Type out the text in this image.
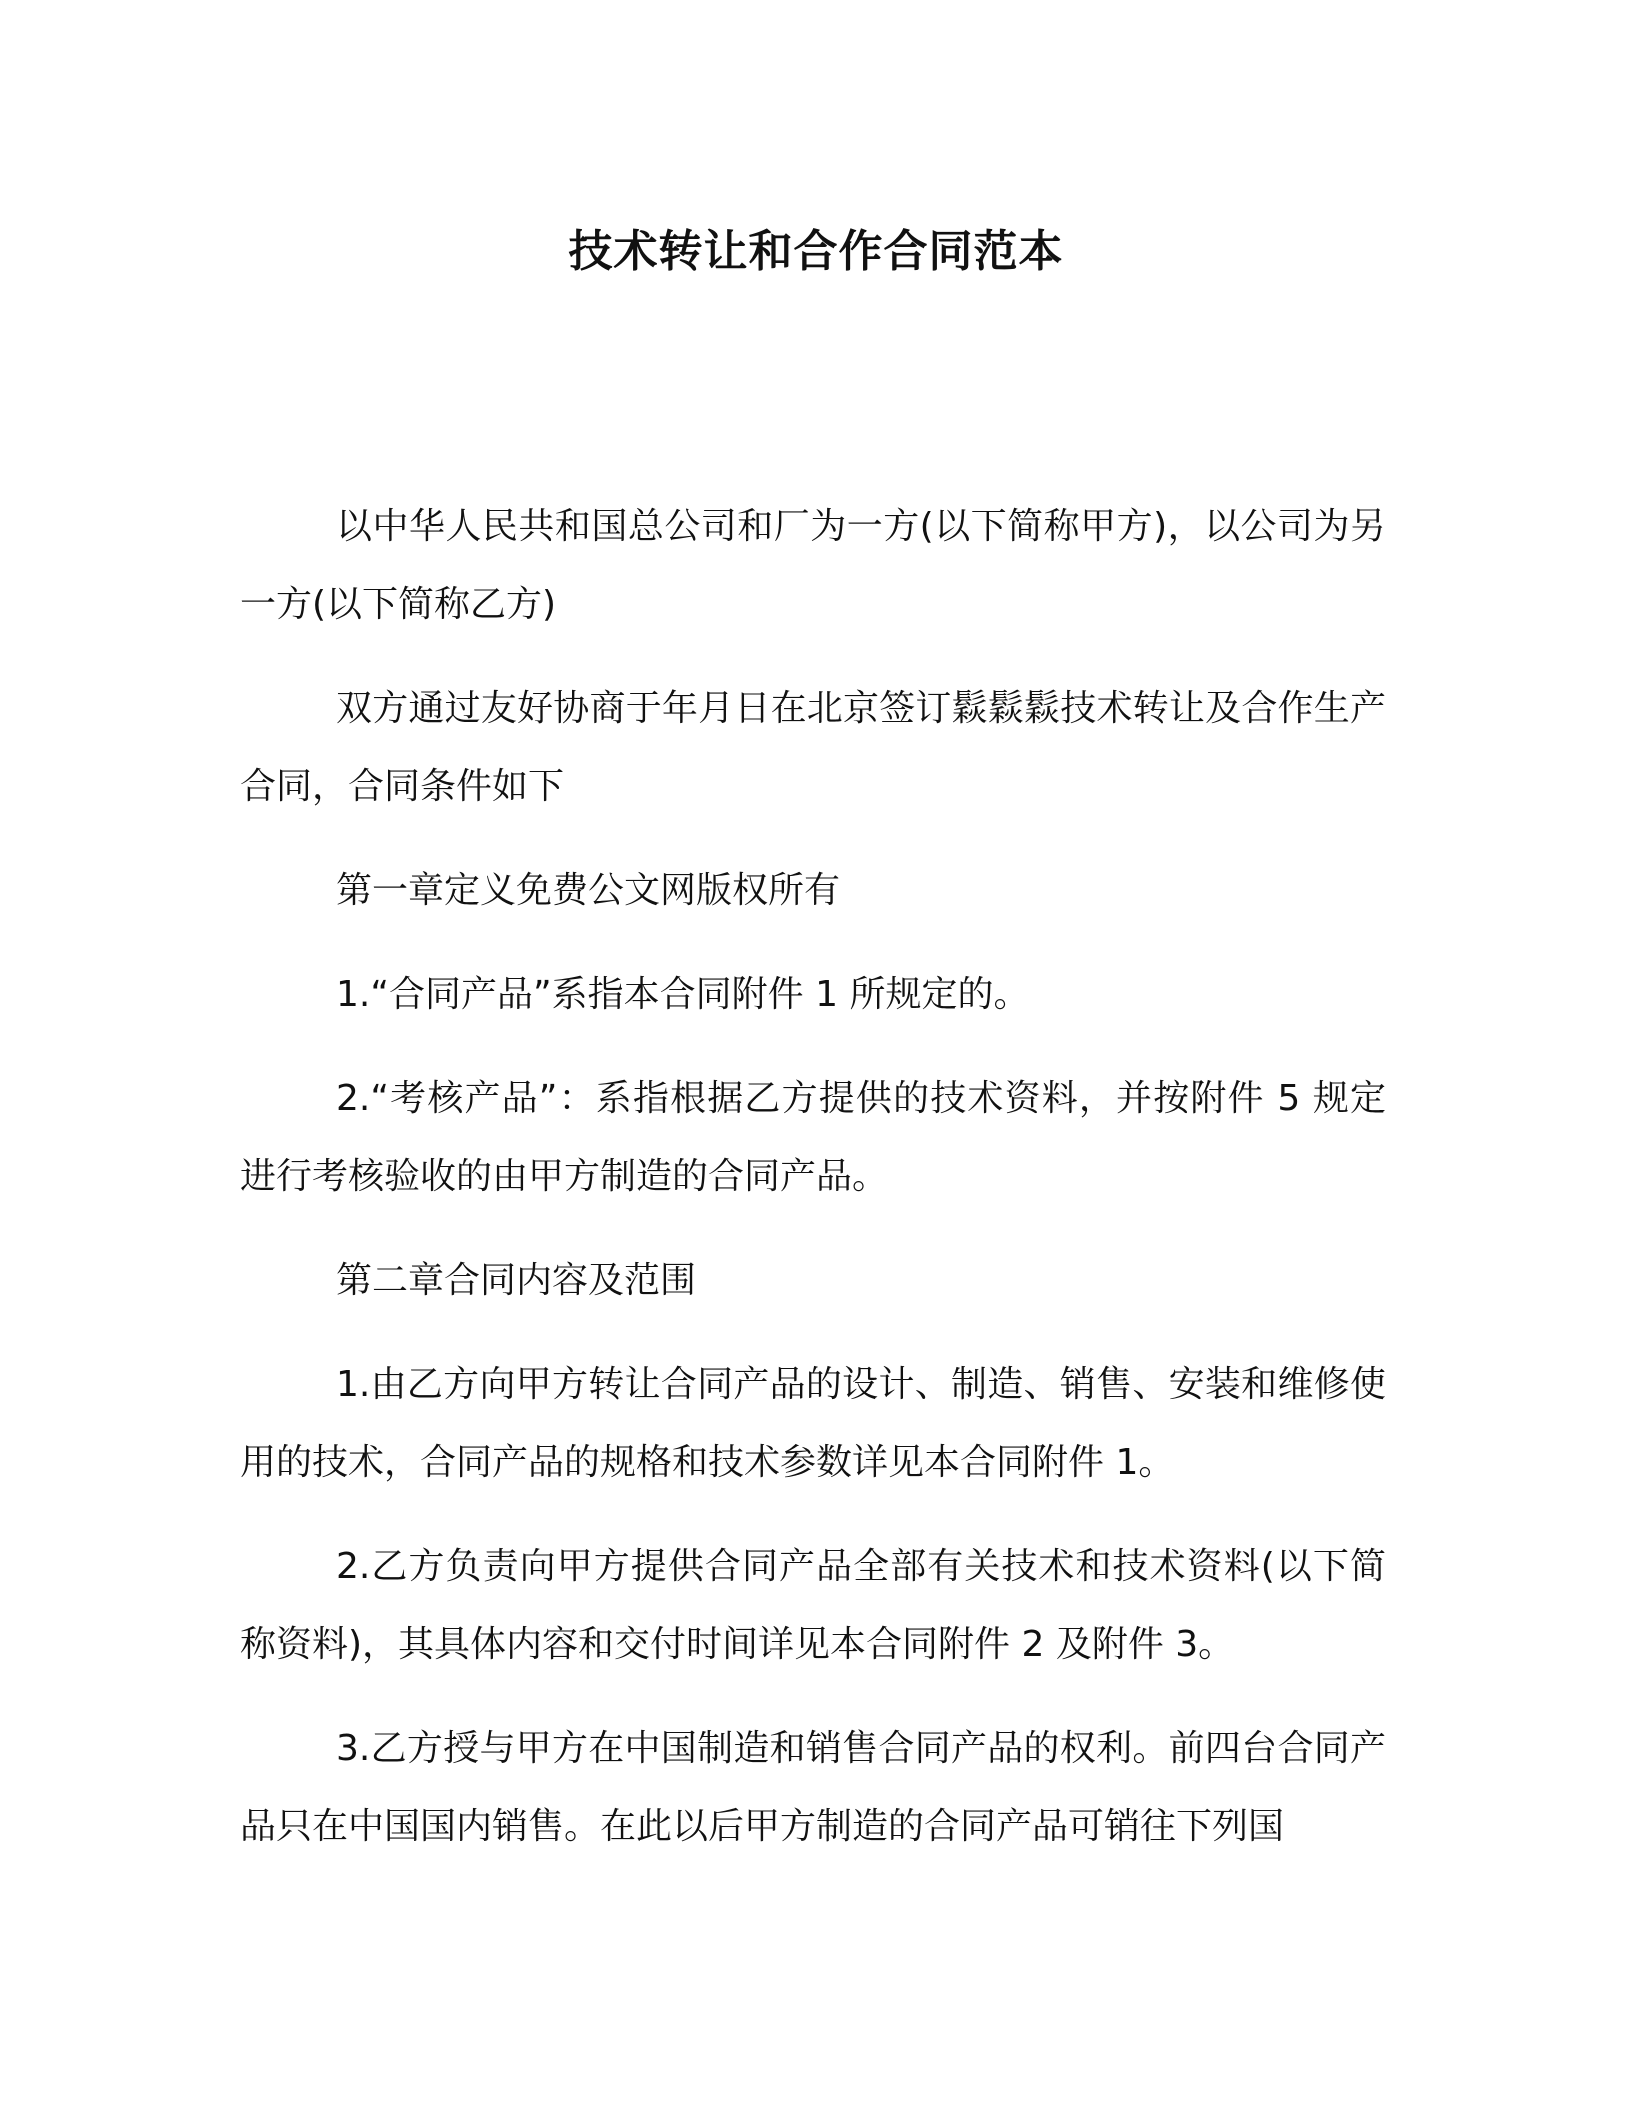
技术转让和合作合同范本

以中华人民共和国总公司和厂为一方(以下简称甲方)，以公司为另一方(以下简称乙方)

双方通过友好协商于年月日在北京签订鬏鬏鬏技术转让及合作生产合同，合同条件如下

第一章定义免费公文网版权所有

1.“合同产品”系指本合同附件 1 所规定的。

2.“考核产品”：系指根据乙方提供的技术资料，并按附件 5 规定进行考核验收的由甲方制造的合同产品。

第二章合同内容及范围

1.由乙方向甲方转让合同产品的设计、制造、销售、安装和维修使用的技术，合同产品的规格和技术参数详见本合同附件 1。

2.乙方负责向甲方提供合同产品全部有关技术和技术资料(以下简称资料)，其具体内容和交付时间详见本合同附件 2 及附件 3。

3.乙方授与甲方在中国制造和销售合同产品的权利。前四台合同产品只在中国国内销售。在此以后甲方制造的合同产品可销往下列国
